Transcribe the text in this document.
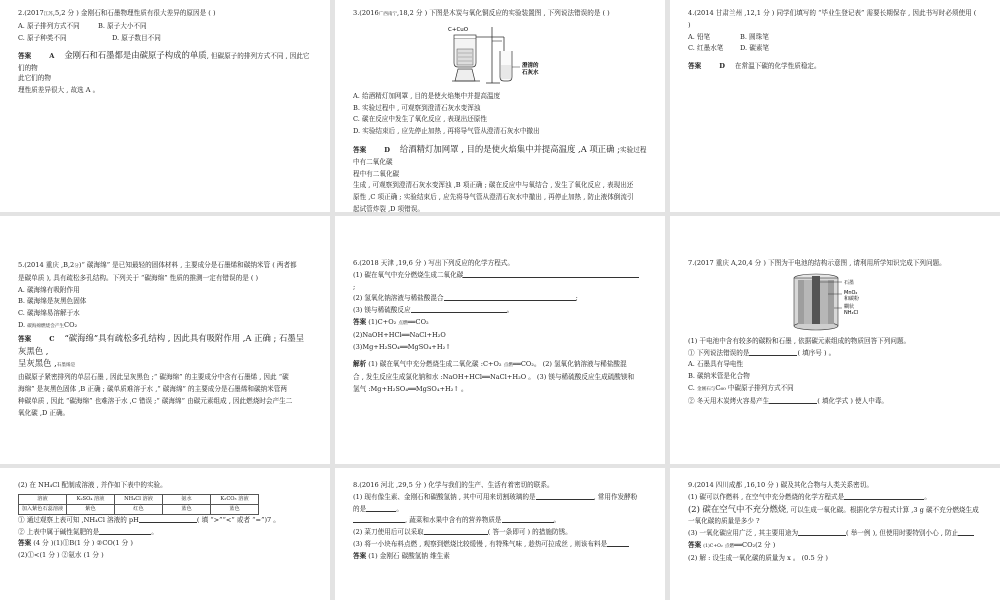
2.(2017江苏,5,2 分 ) 金刚石和石墨物理性质有很大差异的原因是 ( )

A. 原子排列方式不同	B. 原子大小不同

C. 原子种类不同	D. 原子数目不同

答案	A 金刚石和石墨都是由碳原子构成的单质, 但碳原子的排列方式不同 , 因此它们的物

此它们的物

理性质差异很大 , 故选 A 。

3.(2016广西南宁,18,2 分 ) 下图是木炭与氧化铜反应的实验装置图 , 下列说法错误的是 ( )

C+CuO
澄清的
石灰水

A. 给酒精灯加网罩 , 目的是使火焰集中并提高温度

B. 实验过程中 , 可观察到澄清石灰水变浑浊

C. 碳在反应中发生了氧化反应 , 表现出还原性

D. 实验结束后 , 应先停止加热 , 再将导气管从澄清石灰水中撤出

答案	D 给酒精灯加网罩 , 目的是使火焰集中并提高温度 ,A 项正确 ;实验过程中有二氧化碳

程中有二氧化碳

生成 , 可观察到澄清石灰水变浑浊 ,B 项正确 ; 碳在反应中与氧结合 , 发生了氧化反应 , 表现出还

原性 ,C 项正确 ; 实验结束后 , 应先将导气管从澄清石灰水中撤出 , 再停止加热 , 防止液体倒流引

起试管炸裂 ,D 项错误。

4.(2014 甘肃兰州 ,12,1 分 ) 同学们填写的 “毕业生登记表” 需要长期保存 , 因此书写时必须使用 (

)

A. 铅笔	B. 圆珠笔

C. 红墨水笔	D. 碳素笔

答案	D 在常温下碳的化学性质稳定。

5.(2014 重庆 ,B,2分)“ 碳海绵” 是已知最轻的固体材料 , 主要成分是石墨烯和碳纳米管 ( 两者都

是碳单质 ), 具有疏松多孔结构。下列关于 “碳海绵” 性质的推测一定有错误的是 ( )

A. 碳海绵有吸附作用

B. 碳海绵是灰黑色固体

C. 碳海绵易溶解于水

D. 碳海绵燃烧会产生CO₂

答案	C “碳海绵”具有疏松多孔结构 , 因此具有吸附作用 ,A 正确 ; 石墨呈灰黑色 ,

呈灰黑色 ,石墨烯是

由碳原子紧密排列的单层石墨 , 因此呈灰黑色 ;“ 碳海绵” 的主要成分中含有石墨烯 , 因此 “碳

海绵” 是灰黑色固体 ,B 正确 ; 碳单质难溶于水 ,“ 碳海绵” 的主要成分是石墨烯和碳纳米管两

种碳单质 , 因此 “碳海绵” 也难溶于水 ,C 错误 ;“ 碳海绵” 由碳元素组成 , 因此燃烧时会产生二

氧化碳 ,D 正确。

6.(2018 天津 ,19,6 分 ) 写出下列反应的化学方程式。

(1) 碳在氧气中充分燃烧生成二氧化碳

;

(2) 氢氧化钠溶液与稀盐酸混合	;

(3) 镁与稀硫酸反应	。

答案 (1)C+O₂ 点燃══CO₂

(2)NaOH+HCl══NaCl+H₂O

(3)Mg+H₂SO₄══MgSO₄+H₂↑

解析 (1) 碳在氧气中充分燃烧生成二氧化碳 :C+O₂ 点燃══CO₂。 (2) 氢氧化钠溶液与稀盐酸混

合 , 发生反应生成氯化钠和水 :NaOH+HCl══NaCl+H₂O 。 (3) 镁与稀硫酸反应生成硫酸镁和

氢气 :Mg+H₂SO₄══MgSO₄+H₂↑ 。

7.(2017 重庆 A,20,4 分 ) 下图为干电池的结构示意图 , 请利用所学知识完成下列问题。

石墨
MnO₂
和碳粉
糊状
NH₄Cl

(1) 干电池中含有较多的碳粉和石墨 , 依据碳元素组成的物质回答下列问题。

① 下列说法错误的是	( 填序号 ) 。

A. 石墨具有导电性

B. 碳纳米管是化合物

C. 金刚石与C₆₀ 中碳原子排列方式不同

② 冬天用木炭烤火容易产生	( 填化学式 ) 使人中毒。

(2) 在 NH₄Cl 配制成溶液 , 并作如下表中的实验。

溶液	K₂SO₄ 溶液	NH₄Cl 溶液	氨水	K₂CO₃ 溶液
加入紫色石蕊溶液	紫色	红色	蓝色	蓝色

① 通过观察上表可知 ,NH₄Cl 溶液的 pH	( 填 “>”“<” 或者 “=”)7 。

② 上表中属于碱性氮肥的是	。

答案 (4 分 )(1)①B(1 分 ) ②CO(1 分 )

(2)①<(1 分 ) ②氨水 (1 分 )

8.(2016 河北 ,29,5 分 ) 化学与我们的生产、生活有着密切的联系。

(1) 现有像生素、金刚石和碳酸氢钠 , 其中可用来切割玻璃的是	, 常用作发酵粉

的是	。

, 蔬菜和水果中含有的营养物质是	。

(2) 菜刀使用后可以采取	( 答一条即可 ) 的措施防锈。

(3) 将一小块布料点燃 , 观察到燃烧比较缓慢 , 有特殊气味 , 趁热可拉成丝 , 则该布料是

答案 (1) 金刚石 碳酸氢钠 维生素

9.(2014 四川成都 ,16,10 分 ) 碳及其化合物与人类关系密切。

(1) 碳可以作燃料 , 在空气中充分燃烧的化学方程式是	。

(2) 碳在空气中不充分燃烧, 可以生成一氧化碳。根据化学方程式计算 ,3 g 碳不充分燃烧生成

一氧化碳的质量是多少 ?

(3) 一氧化碳应用广泛 , 其主要用途为	( 举一例 ), 但使用时要特别小心 , 防止

答案 (1)C+O₂ 点燃══CO₂(2 分 )

(2) 解 : 设生成一氧化碳的质量为 x 。 (0.5 分 )
